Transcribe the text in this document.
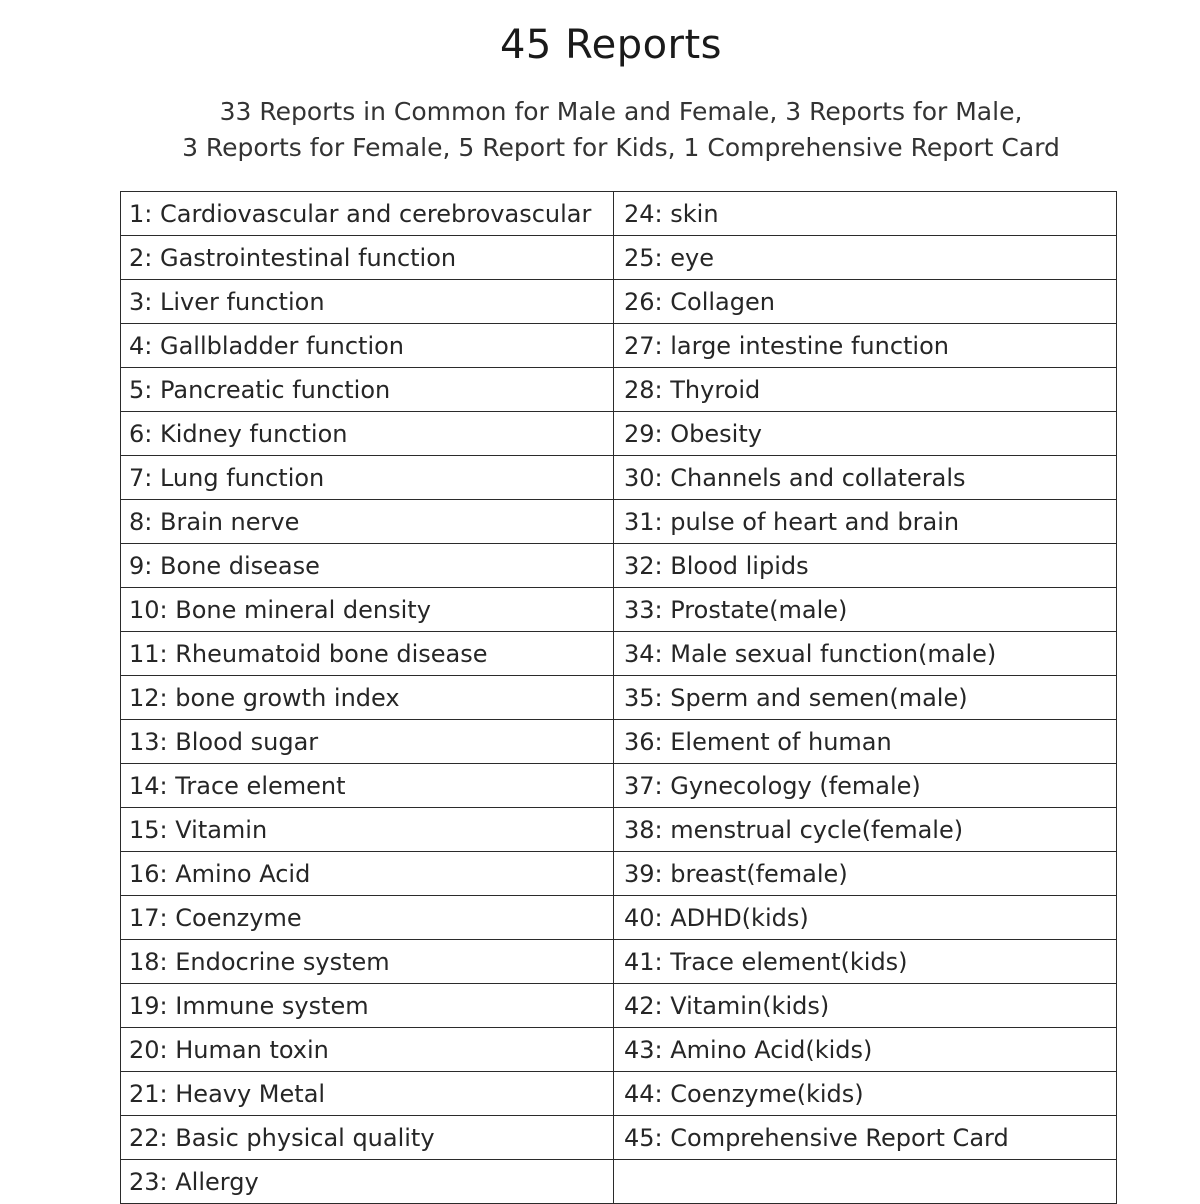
45 Reports

33 Reports in Common for Male and Female, 3 Reports for Male,

3 Reports for Female, 5 Report for Kids, 1 Comprehensive Report Card

1: Cardiovascular and cerebrovascular	24: skin
2: Gastrointestinal function	25: eye
3: Liver function	26: Collagen
4: Gallbladder function	27: large intestine function
5: Pancreatic function	28: Thyroid
6: Kidney function	29: Obesity
7: Lung function	30: Channels and collaterals
8: Brain nerve	31: pulse of heart and brain
9: Bone disease	32: Blood lipids
10: Bone mineral density	33: Prostate(male)
11: Rheumatoid bone disease	34: Male sexual function(male)
12: bone growth index	35: Sperm and semen(male)
13: Blood sugar	36: Element of human
14: Trace element	37: Gynecology (female)
15: Vitamin	38: menstrual cycle(female)
16: Amino Acid	39: breast(female)
17: Coenzyme	40: ADHD(kids)
18: Endocrine system	41: Trace element(kids)
19: Immune system	42: Vitamin(kids)
20: Human toxin	43: Amino Acid(kids)
21: Heavy Metal	44: Coenzyme(kids)
22: Basic physical quality	45: Comprehensive Report Card
23: Allergy	
